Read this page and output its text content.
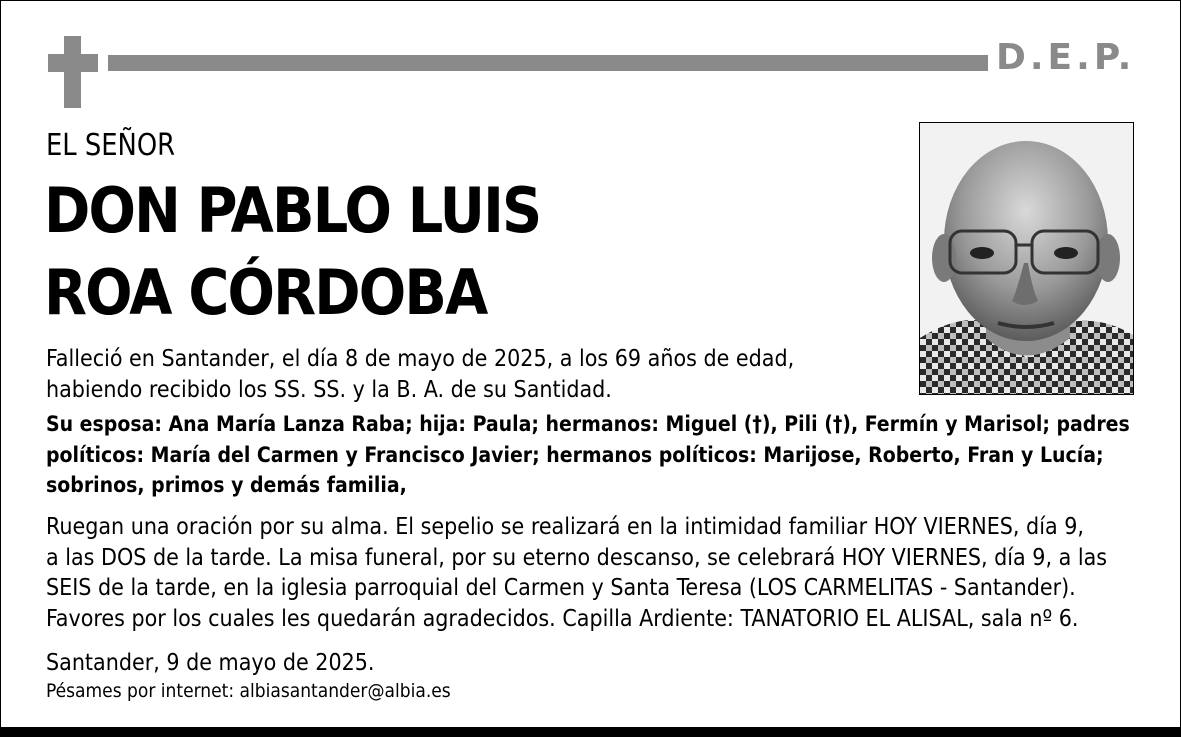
D.E.P.
EL SEÑOR
DON PABLO LUIS
ROA CÓRDOBA
Falleció en Santander, el día 8 de mayo de 2025, a los 69 años de edad,
habiendo recibido los SS. SS. y la B. A. de su Santidad.
Su esposa: Ana María Lanza Raba; hija: Paula; hermanos: Miguel (†), Pili (†), Fermín y Marisol; padres
políticos: María del Carmen y Francisco Javier; hermanos políticos: Marijose, Roberto, Fran y Lucía;
sobrinos, primos y demás familia,
Ruegan una oración por su alma. El sepelio se realizará en la intimidad familiar HOY VIERNES, día 9,
a las DOS de la tarde. La misa funeral, por su eterno descanso, se celebrará HOY VIERNES, día 9, a las
SEIS de la tarde, en la iglesia parroquial del Carmen y Santa Teresa (LOS CARMELITAS - Santander).
Favores por los cuales les quedarán agradecidos. Capilla Ardiente: TANATORIO EL ALISAL, sala nº 6.
Santander, 9 de mayo de 2025.
Pésames por internet: albiasantander@albia.es
